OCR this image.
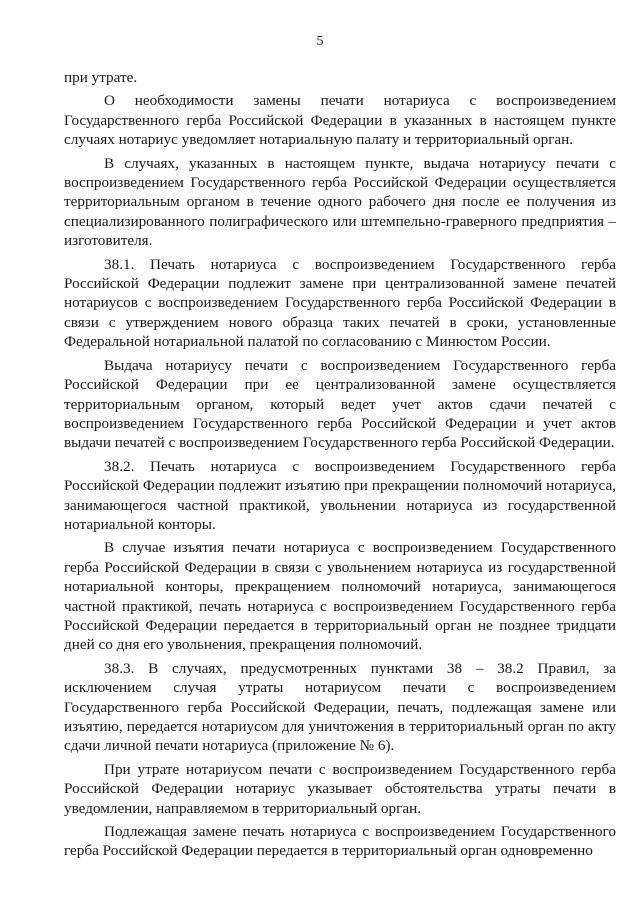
5

при утрате.

О необходимости замены печати нотариуса с воспроизведением Государственного герба Российской Федерации в указанных в настоящем пункте случаях нотариус уведомляет нотариальную палату и территориальный орган.

В случаях, указанных в настоящем пункте, выдача нотариусу печати с воспроизведением Государственного герба Российской Федерации осуществляется территориальным органом в течение одного рабочего дня после ее получения из специализированного полиграфического или штемпельно-граверного предприятия – изготовителя.

38.1. Печать нотариуса с воспроизведением Государственного герба Российской Федерации подлежит замене при централизованной замене печатей нотариусов с воспроизведением Государственного герба Российской Федерации в связи с утверждением нового образца таких печатей в сроки, установленные Федеральной нотариальной палатой по согласованию с Минюстом России.

Выдача нотариусу печати с воспроизведением Государственного герба Российской Федерации при ее централизованной замене осуществляется территориальным органом, который ведет учет актов сдачи печатей с воспроизведением Государственного герба Российской Федерации и учет актов выдачи печатей с воспроизведением Государственного герба Российской Федерации.

38.2. Печать нотариуса с воспроизведением Государственного герба Российской Федерации подлежит изъятию при прекращении полномочий нотариуса, занимающегося частной практикой, увольнении нотариуса из государственной нотариальной конторы.

В случае изъятия печати нотариуса с воспроизведением Государственного герба Российской Федерации в связи с увольнением нотариуса из государственной нотариальной конторы, прекращением полномочий нотариуса, занимающегося частной практикой, печать нотариуса с воспроизведением Государственного герба Российской Федерации передается в территориальный орган не позднее тридцати дней со дня его увольнения, прекращения полномочий.

38.3. В случаях, предусмотренных пунктами 38 – 38.2 Правил, за исключением случая утраты нотариусом печати с воспроизведением Государственного герба Российской Федерации, печать, подлежащая замене или изъятию, передается нотариусом для уничтожения в территориальный орган по акту сдачи личной печати нотариуса (приложение № 6).

При утрате нотариусом печати с воспроизведением Государственного герба Российской Федерации нотариус указывает обстоятельства утраты печати в уведомлении, направляемом в территориальный орган.

Подлежащая замене печать нотариуса с воспроизведением Государственного герба Российской Федерации передается в территориальный орган одновременно
